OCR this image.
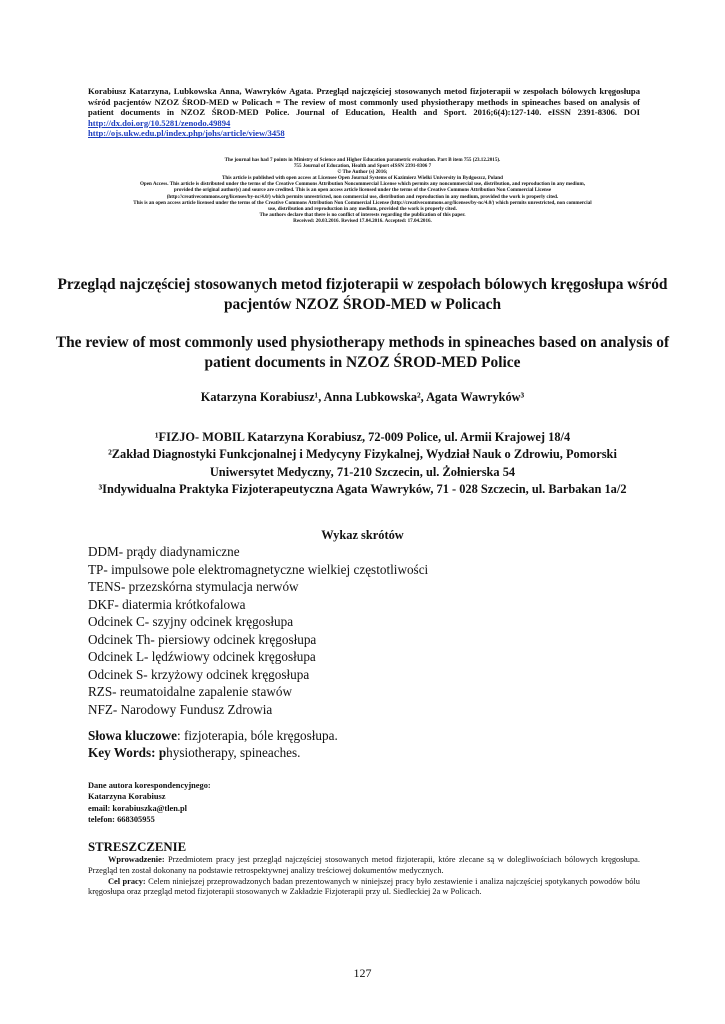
Korabiusz Katarzyna, Lubkowska Anna, Wawryków Agata. Przegląd najczęściej stosowanych metod fizjoterapii w zespołach bólowych kręgosłupa wśród pacjentów NZOZ ŚROD-MED w Policach = The review of most commonly used physiotherapy methods in spineaches based on analysis of patient documents in NZOZ ŚROD-MED Police. Journal of Education, Health and Sport. 2016;6(4):127-140. eISSN 2391-8306. DOI http://dx.doi.org/10.5281/zenodo.49894
http://ojs.ukw.edu.pl/index.php/johs/article/view/3458
The journal has had 7 points in Ministry of Science and Higher Education parametric evaluation. Part B item 755 (23.12.2015).
755 Journal of Education, Health and Sport eISSN 2391-8306 7
© The Author (s) 2016;
This article is published with open access at Licensee Open Journal Systems of Kazimierz Wielki University in Bydgoszcz, Poland
Open Access. This article is distributed under the terms of the Creative Commons Attribution Noncommercial License which permits any noncommercial use, distribution, and reproduction in any medium,
provided the original author(s) and source are credited. This is an open access article licensed under the terms of the Creative Commons Attribution Non Commercial License
(http://creativecommons.org/licenses/by-nc/4.0/) which permits unrestricted, non commercial use, distribution and reproduction in any medium, provided the work is properly cited.
This is an open access article licensed under the terms of the Creative Commons Attribution Non Commercial License (http://creativecommons.org/licenses/by-nc/4.0/) which permits unrestricted, non commercial
use, distribution and reproduction in any medium, provided the work is properly cited.
The authors declare that there is no conflict of interests regarding the publication of this paper.
Received: 20.03.2016. Revised 17.04.2016. Accepted: 17.04.2016.
Przegląd najczęściej stosowanych metod fizjoterapii w zespołach bólowych kręgosłupa wśród pacjentów NZOZ ŚROD-MED w Policach
The review of most commonly used physiotherapy methods in spineaches based on analysis of patient documents in NZOZ ŚROD-MED Police
Katarzyna Korabiusz¹, Anna Lubkowska², Agata Wawryków³
¹FIZJO- MOBIL Katarzyna Korabiusz, 72-009 Police, ul. Armii Krajowej 18/4
²Zakład Diagnostyki Funkcjonalnej i Medycyny Fizykalnej, Wydział Nauk o Zdrowiu, Pomorski Uniwersytet Medyczny, 71-210 Szczecin, ul. Żołnierska 54
³Indywidualna Praktyka Fizjoterapeutyczna Agata Wawryków, 71 - 028 Szczecin, ul. Barbakan 1a/2
Wykaz skrótów
DDM- prądy diadynamiczne
TP- impulsowe pole elektromagnetyczne wielkiej częstotliwości
TENS- przezskórna stymulacja nerwów
DKF- diatermia krótkofalowa
Odcinek C- szyjny odcinek kręgosłupa
Odcinek Th- piersiowy odcinek kręgosłupa
Odcinek L- lędźwiowy odcinek kręgosłupa
Odcinek S- krzyżowy odcinek kręgosłupa
RZS- reumatoidalne zapalenie stawów
NFZ- Narodowy Fundusz Zdrowia
Słowa kluczowe: fizjoterapia, bóle kręgosłupa.
Key Words: physiotherapy, spineaches.
Dane autora korespondencyjnego:
Katarzyna Korabiusz
email: korabiuszka@tlen.pl
telefon: 668305955
STRESZCZENIE

Wprowadzenie: Przedmiotem pracy jest przegląd najczęściej stosowanych metod fizjoterapii, które zlecane są w dolegliwościach bólowych kręgosłupa. Przegląd ten został dokonany na podstawie retrospektywnej analizy treściowej dokumentów medycznych.

Cel pracy: Celem niniejszej przeprowadzonych badan prezentowanych w niniejszej pracy było zestawienie i analiza najczęściej spotykanych powodów bólu kręgosłupa oraz przegląd metod fizjoterapii stosowanych w Zakładzie Fizjoterapii przy ul. Siedleckiej 2a w Policach.

127
